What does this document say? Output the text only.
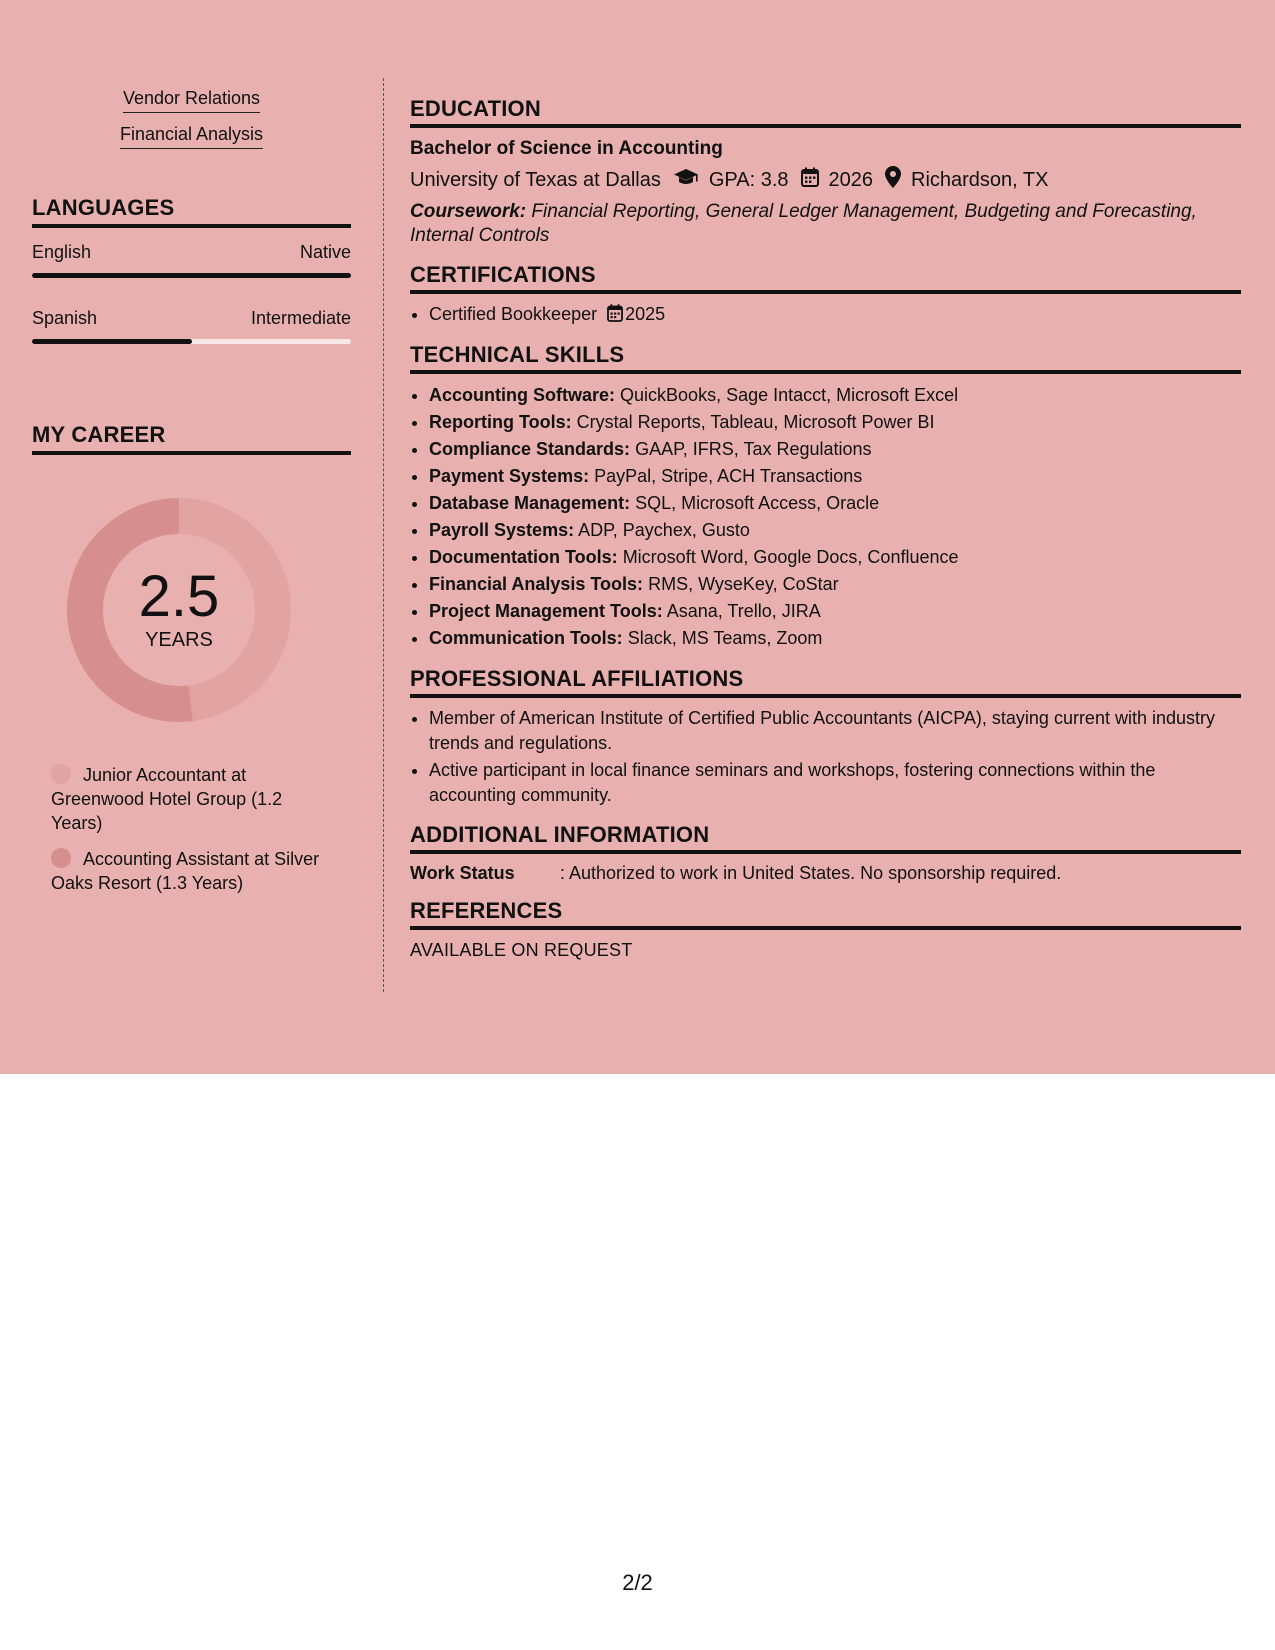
Vendor Relations
Financial Analysis
LANGUAGES
English	Native
Spanish	Intermediate
MY CAREER
2.5
YEARS
Junior Accountant at Greenwood Hotel Group (1.2 Years)
Accounting Assistant at Silver Oaks Resort (1.3 Years)
EDUCATION
Bachelor of Science in Accounting
University of Texas at Dallas GPA: 3.8 2026 Richardson, TX
Coursework: Financial Reporting, General Ledger Management, Budgeting and Forecasting, Internal Controls
CERTIFICATIONS
• Certified Bookkeeper 2025
TECHNICAL SKILLS
• Accounting Software: QuickBooks, Sage Intacct, Microsoft Excel
• Reporting Tools: Crystal Reports, Tableau, Microsoft Power BI
• Compliance Standards: GAAP, IFRS, Tax Regulations
• Payment Systems: PayPal, Stripe, ACH Transactions
• Database Management: SQL, Microsoft Access, Oracle
• Payroll Systems: ADP, Paychex, Gusto
• Documentation Tools: Microsoft Word, Google Docs, Confluence
• Financial Analysis Tools: RMS, WyseKey, CoStar
• Project Management Tools: Asana, Trello, JIRA
• Communication Tools: Slack, MS Teams, Zoom
PROFESSIONAL AFFILIATIONS
• Member of American Institute of Certified Public Accountants (AICPA), staying current with industry trends and regulations.
• Active participant in local finance seminars and workshops, fostering connections within the accounting community.
ADDITIONAL INFORMATION
Work Status	: Authorized to work in United States. No sponsorship required.
REFERENCES
AVAILABLE ON REQUEST
2/2
